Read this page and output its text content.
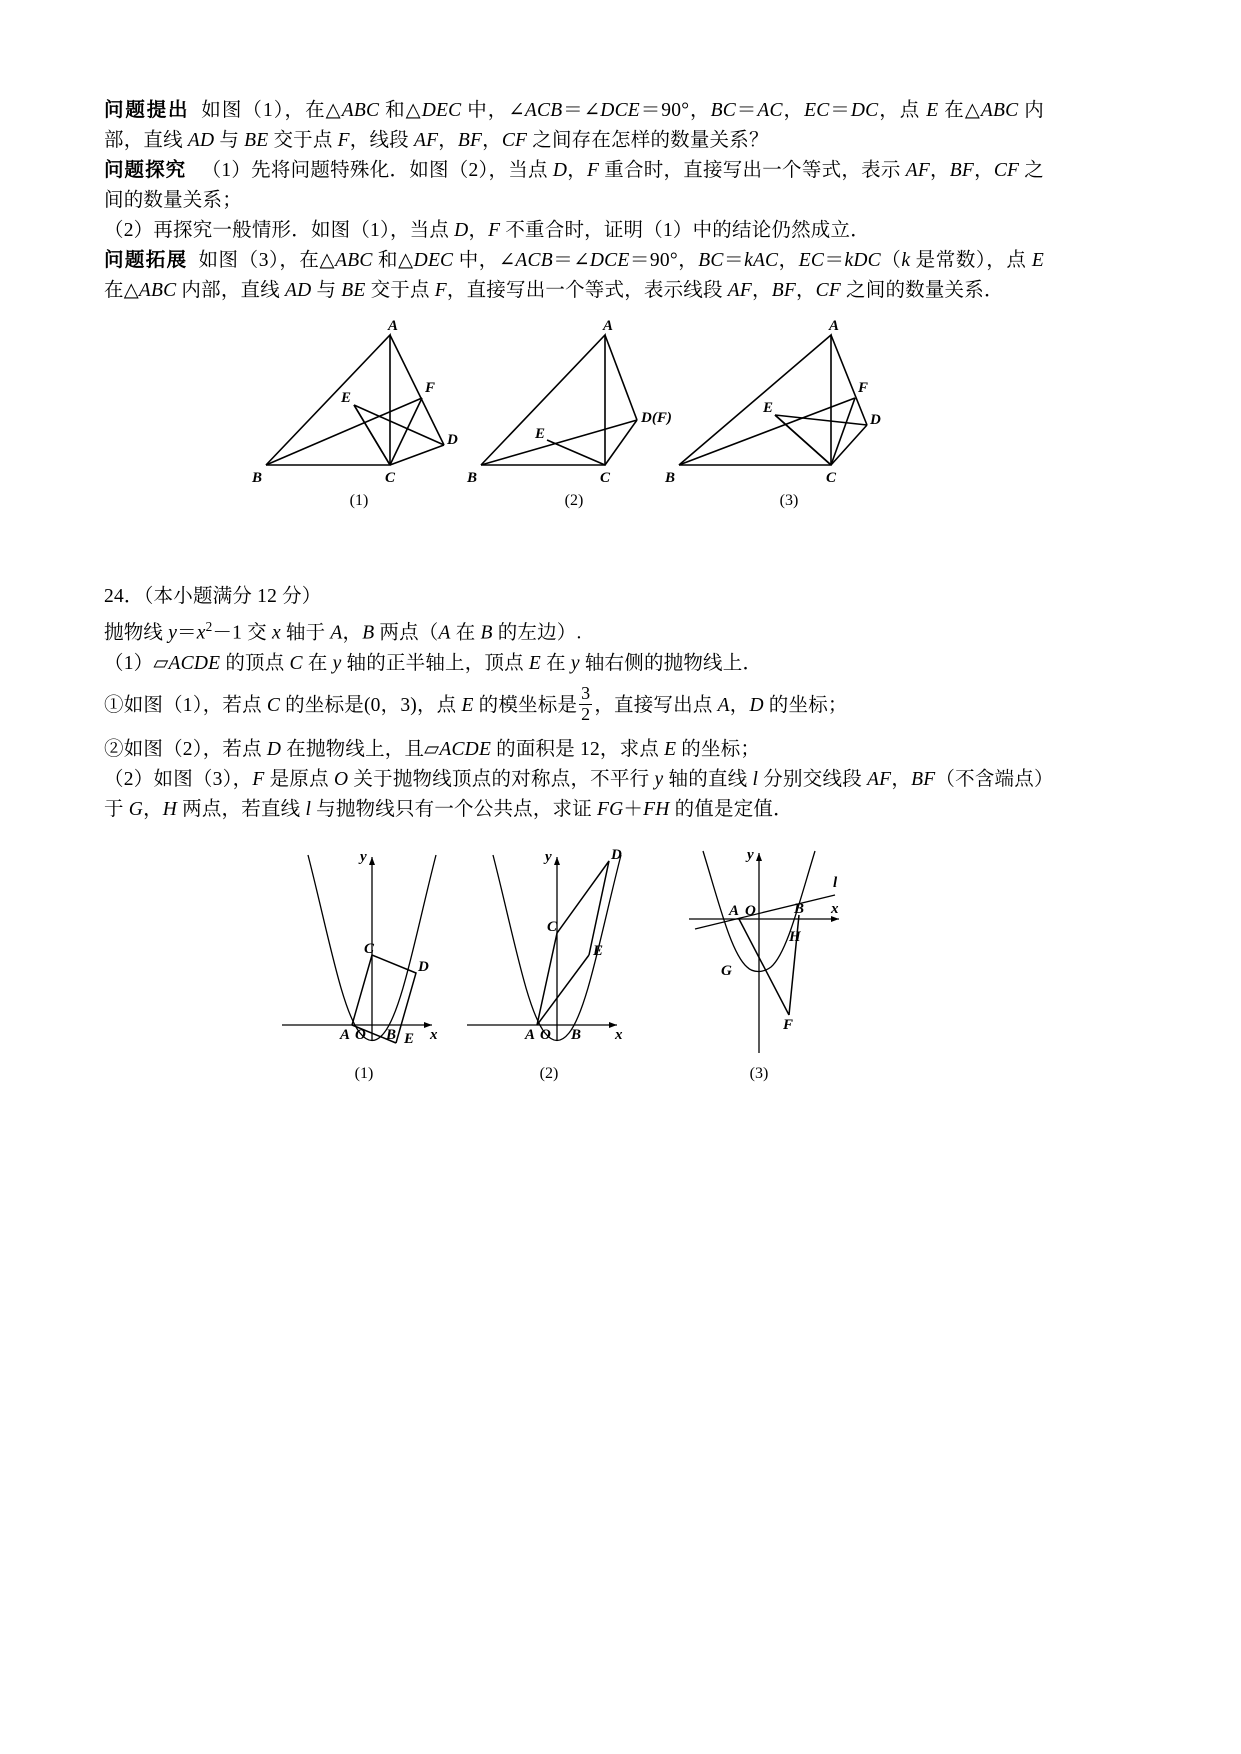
问题提出 如图（1），在△ABC 和△DEC 中，∠ACB＝∠DCE＝90°，BC＝AC，EC＝DC，点 E 在△ABC 内部，直线 AD 与 BE 交于点 F，线段 AF，BF，CF 之间存在怎样的数量关系？

问题探究 （1）先将问题特殊化．如图（2），当点 D，F 重合时，直接写出一个等式，表示 AF，BF，CF 之间的数量关系；

（2）再探究一般情形．如图（1），当点 D，F 不重合时，证明（1）中的结论仍然成立．

问题拓展 如图（3），在△ABC 和△DEC 中，∠ACB＝∠DCE＝90°，BC＝kAC，EC＝kDC（k 是常数），点 E 在△ABC 内部，直线 AD 与 BE 交于点 F，直接写出一个等式，表示线段 AF，BF，CF 之间的数量关系．

A
F
E
B	C
D
(1)
A
D(F)
E
B	C
(2)
A
F
E
D
B	C
(3)

24．（本小题满分 12 分）

抛物线 $y=x^2-1$ 交 x 轴于 A，B 两点（A 在 B 的左边）.

（1）▱ACDE 的顶点 C 在 y 轴的正半轴上，顶点 E 在 y 轴右侧的抛物线上．

①如图（1），若点 C 的坐标是(0，3)，点 E 的模坐标是 $\frac{3}{2}$ ，直接写出点 A，D 的坐标；

②如图（2），若点 D 在抛物线上，且▱ACDE 的面积是 12，求点 E 的坐标；

（2）如图（3），F 是原点 O 关于抛物线顶点的对称点，不平行 y 轴的直线 l 分别交线段 AF，BF（不含端点）于 G，H 两点，若直线 l 与抛物线只有一个公共点，求证 FG＋FH 的值是定值．

C
D
E
A O B x
y
(1)
C
D
E
A O B x
y
(2)
A O	B x
y
l
H
G
F
(3)
